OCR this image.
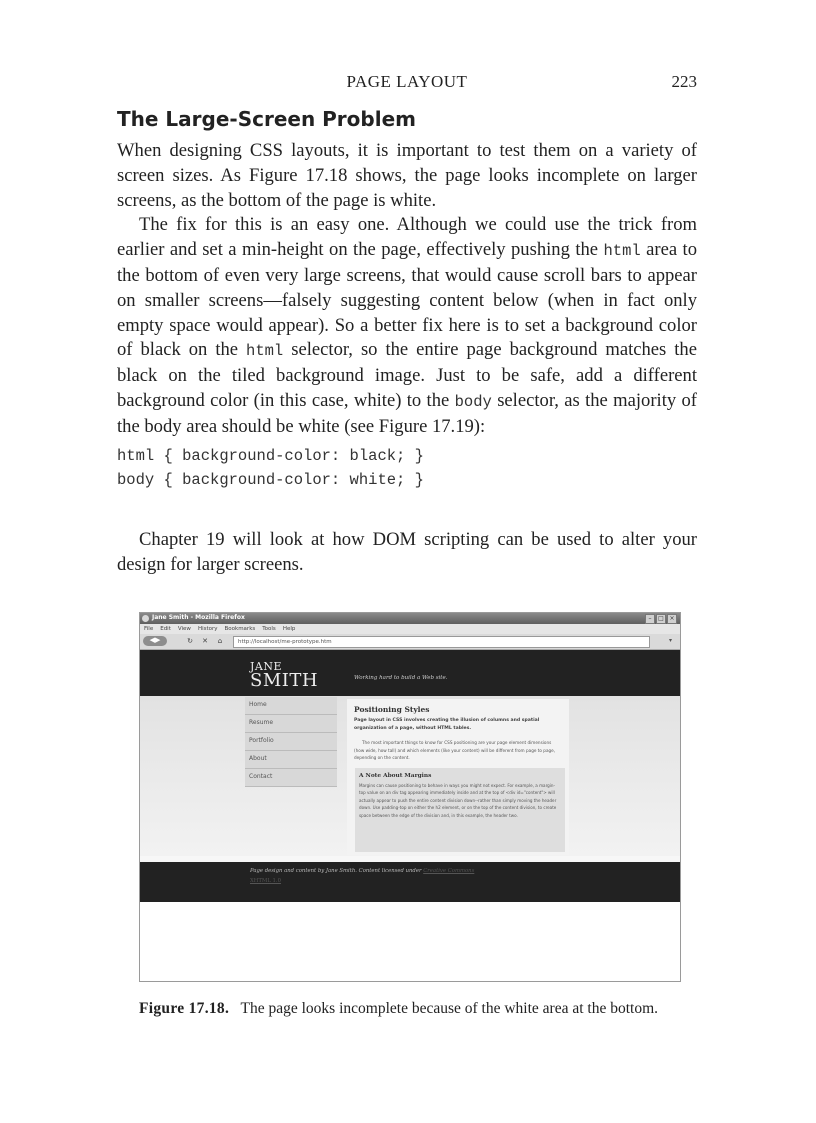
PAGE LAYOUT	223
The Large-Screen Problem

When designing CSS layouts, it is important to test them on a variety of screen sizes. As Figure 17.18 shows, the page looks incomplete on larger screens, as the bottom of the page is white.

The fix for this is an easy one. Although we could use the trick from earlier and set a min-height on the page, effectively pushing the html area to the bottom of even very large screens, that would cause scroll bars to appear on smaller screens—falsely suggesting content below (when in fact only empty space would appear). So a better fix here is to set a background color of black on the html selector, so the entire page background matches the black on the tiled background image. Just to be safe, add a different background color (in this case, white) to the body selector, as the majority of the body area should be white (see Figure 17.19):

html { background-color: black; }
body { background-color: white; }

Chapter 19 will look at how DOM scripting can be used to alter your design for larger screens.

Jane Smith - Mozilla Firefox	–	□ ×
File Edit View History Bookmarks Tools Help
◀▶	↻ ✕	⌂	http://localhost/me-prototype.htm	▾
JANE
SMITH	Working hard to build a Web site.
Home
Resume
Portfolio
About
Contact
Positioning Styles
Page layout in CSS involves creating the illusion of columns and spatial organization of a page, without HTML tables.
The most important things to know for CSS positioning are your page element dimensions (how wide, how tall) and which elements (like your content) will be different from page to page, depending on the content.
A Note About Margins
Margins can cause positioning to behave in ways you might not expect. For example, a margin-top value on an div tag appearing immediately inside and at the top of <div id="content"> will actually appear to push the entire content division down--rather than simply moving the header down. Use padding-top on either the h2 element, or on the top of the content division, to create space between the edge of the division and, in this example, the header two.
Page design and content by Jane Smith. Content licensed under Creative Commons
XHTML 1.0
Figure 17.18. The page looks incomplete because of the white area at the bottom.
